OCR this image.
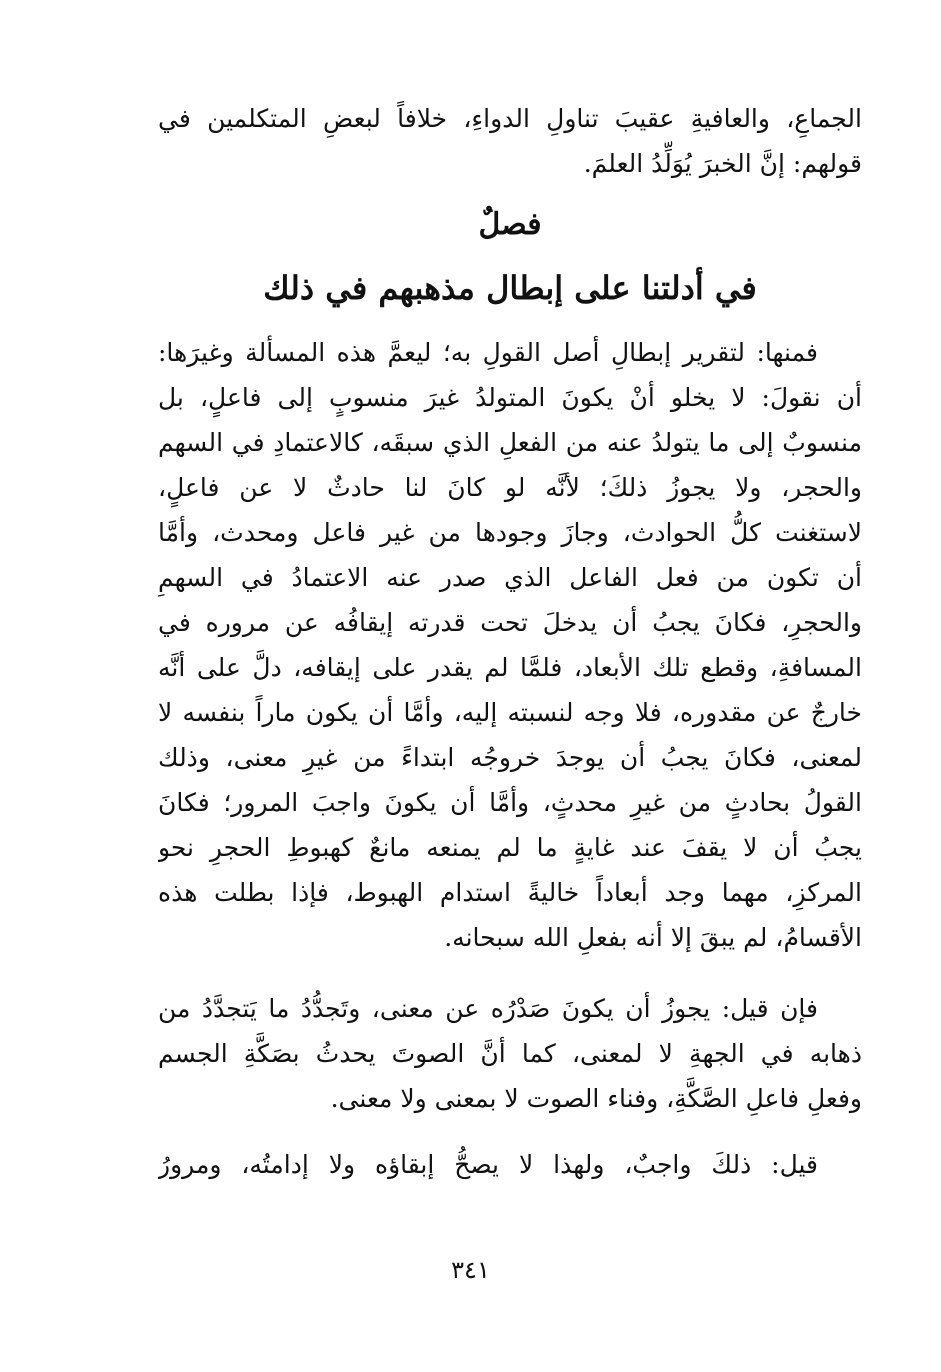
الجماعِ، والعافيةِ عقيبَ تناولِ الدواءِ، خلافاً لبعضِ المتكلمين في
قولهم: إنَّ الخبرَ يُوَلِّدُ العلمَ.
فصلٌ
في أدلتنا على إبطال مذهبهم في ذلك
فمنها: لتقرير إبطالِ أصل القولِ به؛ ليعمَّ هذه المسألة وغيرَها:
أن نقولَ: لا يخلو أنْ يكونَ المتولدُ غيرَ منسوبٍ إلى فاعلٍ، بل
منسوبٌ إلى ما يتولدُ عنه من الفعلِ الذي سبقَه، كالاعتمادِ في السهم
والحجر، ولا يجوزُ ذلكَ؛ لأنَّه لو كانَ لنا حادثٌ لا عن فاعلٍ،
لاستغنت كلُّ الحوادث، وجازَ وجودها من غير فاعل ومحدث، وأمَّا
أن تكون من فعل الفاعل الذي صدر عنه الاعتمادُ في السهمِ
والحجرِ، فكانَ يجبُ أن يدخلَ تحت قدرته إيقافُه عن مروره في
المسافةِ، وقطع تلك الأبعاد، فلمَّا لم يقدر على إيقافه، دلَّ على أنَّه
خارجٌ عن مقدوره، فلا وجه لنسبته إليه، وأمَّا أن يكون ماراً بنفسه لا
لمعنى، فكانَ يجبُ أن يوجدَ خروجُه ابتداءً من غيرِ معنى، وذلك
القولُ بحادثٍ من غيرِ محدثٍ، وأمَّا أن يكونَ واجبَ المرور؛ فكانَ
يجبُ أن لا يقفَ عند غايةٍ ما لم يمنعه مانعٌ كهبوطِ الحجرِ نحو
المركزِ، مهما وجد أبعاداً خاليةً استدام الهبوط، فإذا بطلت هذه
الأقسامُ، لم يبقَ إلا أنه بفعلِ الله سبحانه.
فإن قيل: يجوزُ أن يكونَ صَدْرُه عن معنى، وتَجدُّدُ ما يَتجدَّدُ من
ذهابه في الجهةِ لا لمعنى، كما أنَّ الصوتَ يحدثُ بصَكَّةِ الجسم
وفعلِ فاعلِ الصَّكَّةِ، وفناء الصوت لا بمعنى ولا معنى.
قيل: ذلكَ واجبٌ، ولهذا لا يصحُّ إبقاؤه ولا إدامتُه، ومرورُ
٣٤١
